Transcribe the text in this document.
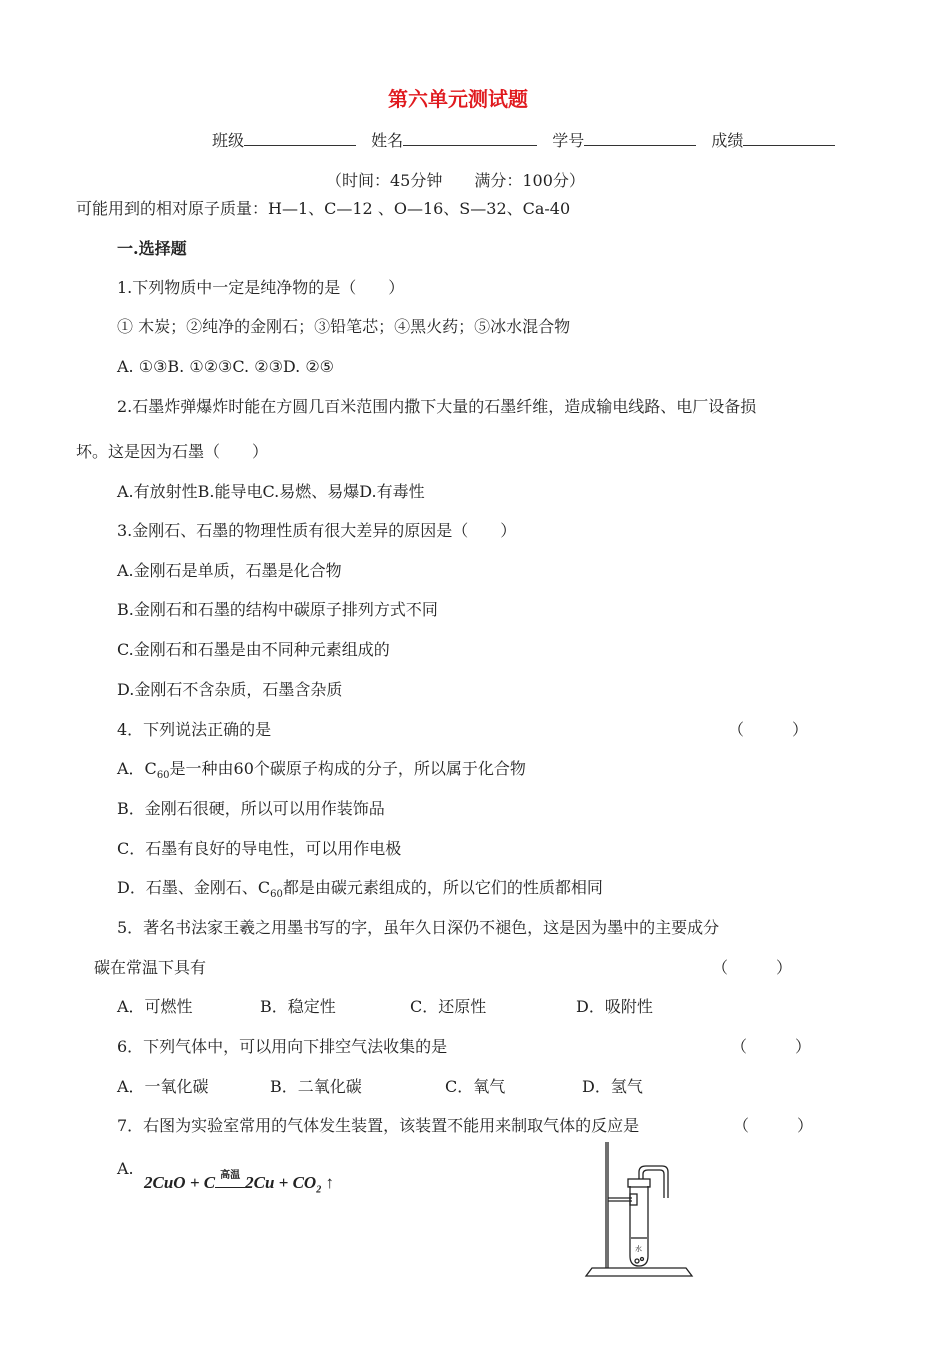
第六单元测试题
班级	姓名	学号	成绩
（时间：45分钟　　满分：100分）
可能用到的相对原子质量：H—1、C—12 、O—16、S—32、Ca-40
一.选择题
1.下列物质中一定是纯净物的是（　　）
① 木炭；②纯净的金刚石；③铅笔芯；④黑火药；⑤冰水混合物
A. ①③B. ①②③C. ②③D. ②⑤
2.石墨炸弹爆炸时能在方圆几百米范围内撒下大量的石墨纤维，造成输电线路、电厂设备损
坏。这是因为石墨（　　）
A.有放射性B.能导电C.易燃、易爆D.有毒性
3.金刚石、石墨的物理性质有很大差异的原因是（　　）
A.金刚石是单质，石墨是化合物
B.金刚石和石墨的结构中碳原子排列方式不同
C.金刚石和石墨是由不同种元素组成的
D.金刚石不含杂质，石墨含杂质
4．下列说法正确的是	（　　　）
A．$C_{60}$是一种由60个碳原子构成的分子，所以属于化合物
B．金刚石很硬，所以可以用作装饰品
C．石墨有良好的导电性，可以用作电极
D．石墨、金刚石、$C_{60}$都是由碳元素组成的，所以它们的性质都相同
5．著名书法家王羲之用墨书写的字，虽年久日深仍不褪色，这是因为墨中的主要成分
碳在常温下具有	（　　　）
A．可燃性	B．稳定性	C．还原性	D．吸附性
6．下列气体中，可以用向下排空气法收集的是	（　　　）
A．一氧化碳	B．二氧化碳	C．氧气	D．氢气
7．右图为实验室常用的气体发生装置，该装置不能用来制取气体的反应是	（　　　）
A.
2CuO + C 高温 $2Cu + CO_2$ ↑
水
